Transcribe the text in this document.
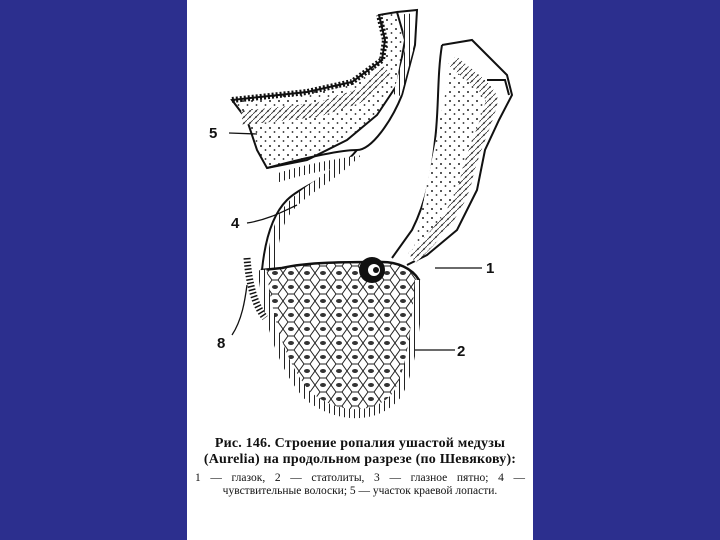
5
4
1
2
8
Рис. 146. Строение ропалия ушастой медузы (Aurelia) на продольном разрезе (по Шевякову):
1 — глазок, 2 — статолиты, 3 — глазное пятно; 4 — чувствительные волоски; 5 — участок краевой лопасти.
